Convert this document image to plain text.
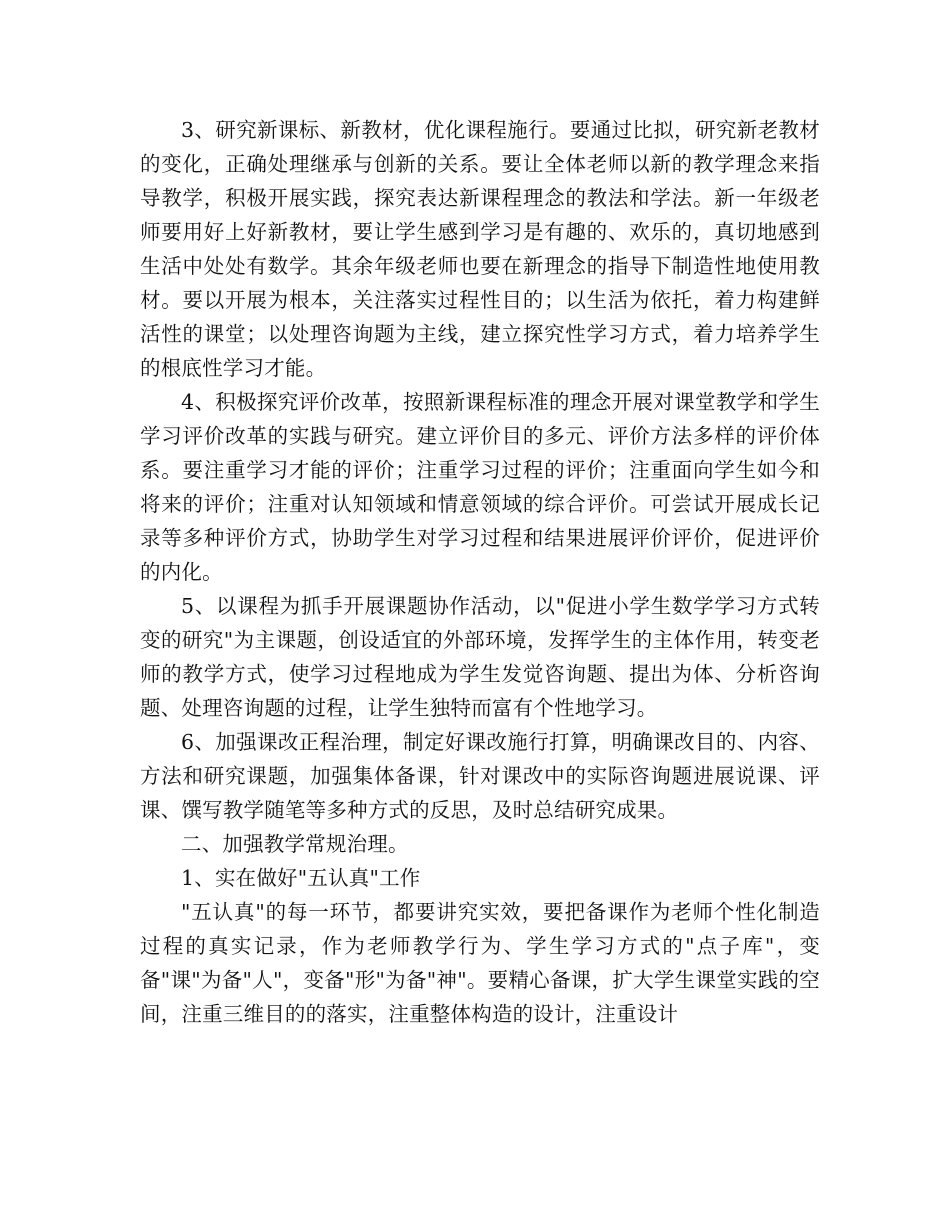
3、研究新课标、新教材，优化课程施行。要通过比拟，研究新老教材的变化，正确处理继承与创新的关系。要让全体老师以新的教学理念来指导教学，积极开展实践，探究表达新课程理念的教法和学法。新一年级老师要用好上好新教材，要让学生感到学习是有趣的、欢乐的，真切地感到生活中处处有数学。其余年级老师也要在新理念的指导下制造性地使用教材。要以开展为根本，关注落实过程性目的；以生活为依托，着力构建鲜活性的课堂；以处理咨询题为主线，建立探究性学习方式，着力培养学生的根底性学习才能。

4、积极探究评价改革，按照新课程标准的理念开展对课堂教学和学生学习评价改革的实践与研究。建立评价目的多元、评价方法多样的评价体系。要注重学习才能的评价；注重学习过程的评价；注重面向学生如今和将来的评价；注重对认知领域和情意领域的综合评价。可尝试开展成长记录等多种评价方式，协助学生对学习过程和结果进展评价评价，促进评价的内化。

5、以课程为抓手开展课题协作活动，以"促进小学生数学学习方式转变的研究"为主课题，创设适宜的外部环境，发挥学生的主体作用，转变老师的教学方式，使学习过程地成为学生发觉咨询题、提出为体、分析咨询题、处理咨询题的过程，让学生独特而富有个性地学习。

6、加强课改正程治理，制定好课改施行打算，明确课改目的、内容、方法和研究课题，加强集体备课，针对课改中的实际咨询题进展说课、评课、馔写教学随笔等多种方式的反思，及时总结研究成果。

二、加强教学常规治理。

1、实在做好"五认真"工作

"五认真"的每一环节，都要讲究实效，要把备课作为老师个性化制造过程的真实记录，作为老师教学行为、学生学习方式的"点子库"，变备"课"为备"人"，变备"形"为备"神"。要精心备课，扩大学生课堂实践的空间，注重三维目的的落实，注重整体构造的设计，注重设计
